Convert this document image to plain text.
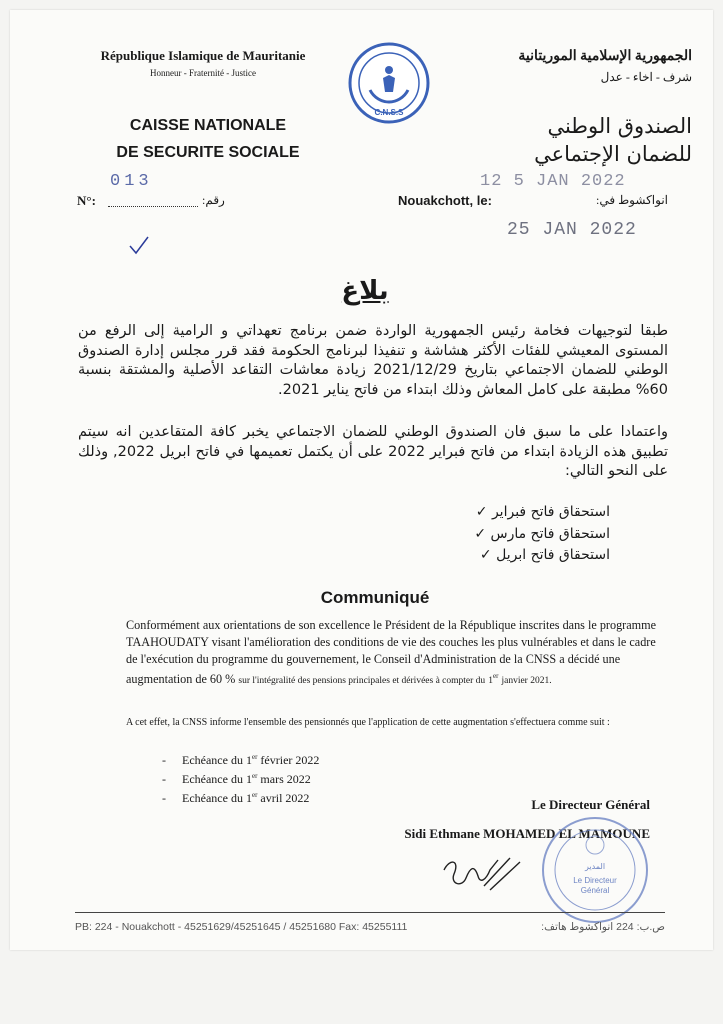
République Islamique de Mauritanie
Honneur - Fraternité - Justice
CAISSE NATIONALE
DE SECURITE SOCIALE
الجمهورية الإسلامية الموريتانية
شرف - اخاء - عدل
الصندوق الوطني
للضمان الإجتماعي
C.N.S.S
013
N°:	رقم:
12 5 JAN 2022
Nouakchott, le:	انواكشوط في:
25 JAN 2022
بلاغ
طبقا لتوجيهات فخامة رئيس الجمهورية الواردة ضمن برنامج تعهداتي و الرامية إلى الرفع من المستوى المعيشي للفئات الأكثر هشاشة و تنفيذا لبرنامج الحكومة فقد قرر مجلس إدارة الصندوق الوطني للضمان الاجتماعي بتاريخ 2021/12/29 زيادة معاشات التقاعد الأصلية والمشتقة بنسبة 60% مطبقة على كامل المعاش وذلك ابتداء من فاتح يناير 2021.
واعتمادا على ما سبق فان الصندوق الوطني للضمان الاجتماعي يخبر كافة المتقاعدين انه سيتم تطبيق هذه الزيادة ابتداء من فاتح فبراير 2022 على أن يكتمل تعميمها في فاتح ابريل 2022, وذلك على النحو التالي:
استحقاق فاتح فبراير ✓
استحقاق فاتح مارس ✓
استحقاق فاتح ابريل ✓
Communiqué
Conformément aux orientations de son excellence le Président de la République inscrites dans le programme TAAHOUDATY visant l'amélioration des conditions de vie des couches les plus vulnérables et dans le cadre de l'exécution du programme du gouvernement, le Conseil d'Administration de la CNSS a décidé une augmentation de 60 % sur l'intégralité des pensions principales et dérivées à compter du 1er janvier 2021.
A cet effet, la CNSS informe l'ensemble des pensionnés que l'application de cette augmentation s'effectuera comme suit :
- Echéance du 1er février 2022
- Echéance du 1er mars 2022
- Echéance du 1er avril 2022	Le Directeur Général
Sidi Ethmane MOHAMED EL MAMOUNE
المدير
Le Directeur
Général
PB: 224 - Nouakchott - 45251629/45251645 / 45251680 Fax: 45255111	ص.ب: 224 انواكشوط هاتف:
